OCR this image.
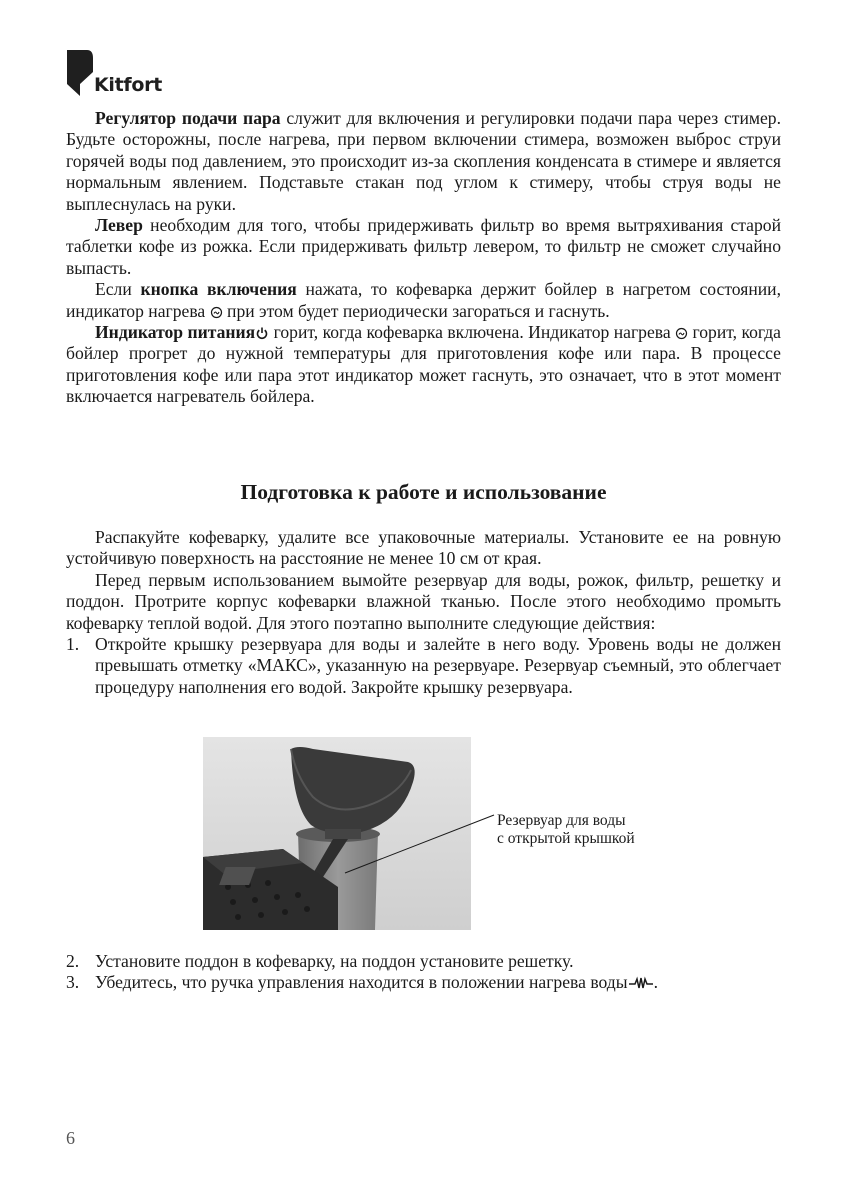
Kitfort

Регулятор подачи пара служит для включения и регулировки подачи пара через стимер. Будьте осторожны, после нагрева, при первом включении стимера, возможен выброс струи горячей воды под давлением, это происходит из-за скопления конденсата в стимере и является нормальным явлением. Подставьте стакан под углом к стимеру, чтобы струя воды не выплеснулась на руки.

Левер необходим для того, чтобы придерживать фильтр во время вытряхивания старой таблетки кофе из рожка. Если придерживать фильтр левером, то фильтр не сможет случайно выпасть.

Если кнопка включения нажата, то кофеварка держит бойлер в нагретом состоянии, индикатор нагрева  при этом будет периодически загораться и гаснуть.

Индикатор питания горит, когда кофеварка включена. Индикатор нагрева  горит, когда бойлер прогрет до нужной температуры для приготовления кофе или пара. В процессе приготовления кофе или пара этот индикатор может гаснуть, это означает, что в этот момент включается нагреватель бойлера.

Подготовка к работе и использование

Распакуйте кофеварку, удалите все упаковочные материалы. Установите ее на ровную устойчивую поверхность на расстояние не менее 10 см от края.

Перед первым использованием вымойте резервуар для воды, рожок, фильтр, решетку и поддон. Протрите корпус кофеварки влажной тканью. После этого необходимо промыть кофеварку теплой водой. Для этого поэтапно выполните следующие действия:

1. Откройте крышку резервуара для воды и залейте в него воду. Уровень воды не должен превышать отметку «МАКС», указанную на резервуаре. Резервуар съемный, это облегчает процедуру наполнения его водой. Закройте крышку резервуара.
Резервуар для воды
с открытой крышкой
2. Установите поддон в кофеварку, на поддон установите решетку.
3. Убедитесь, что ручка управления находится в положении нагрева воды .
6
